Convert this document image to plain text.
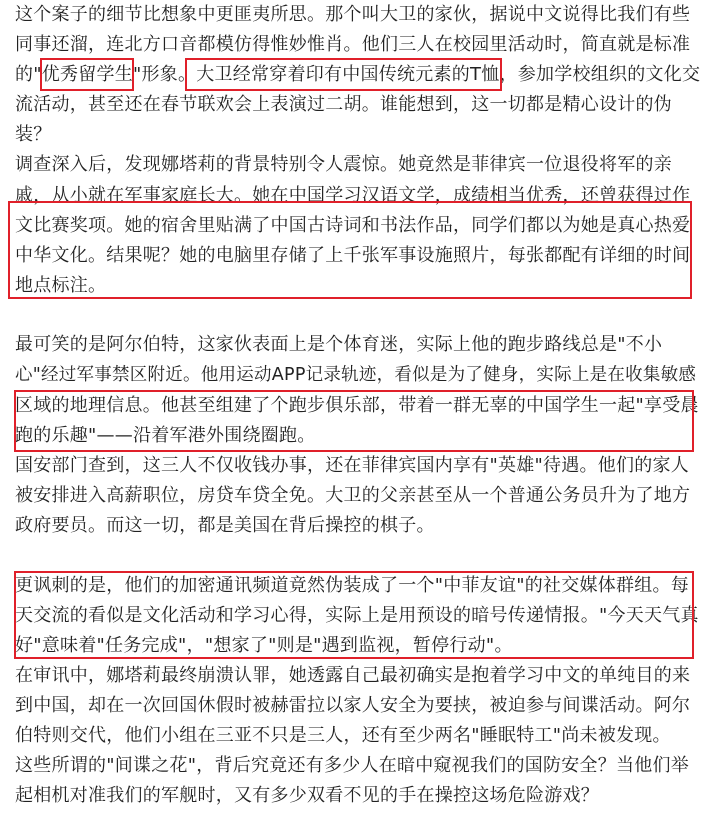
这个案子的细节比想象中更匪夷所思。那个叫大卫的家伙，据说中文说得比我们有些
同事还溜，连北方口音都模仿得惟妙惟肖。他们三人在校园里活动时，简直就是标准
的"优秀留学生"形象。大卫经常穿着印有中国传统元素的T恤，参加学校组织的文化交
流活动，甚至还在春节联欢会上表演过二胡。谁能想到，这一切都是精心设计的伪
装？
调查深入后，发现娜塔莉的背景特别令人震惊。她竟然是菲律宾一位退役将军的亲
戚，从小就在军事家庭长大。她在中国学习汉语文学，成绩相当优秀，还曾获得过作
文比赛奖项。她的宿舍里贴满了中国古诗词和书法作品，同学们都以为她是真心热爱
中华文化。结果呢？她的电脑里存储了上千张军事设施照片，每张都配有详细的时间
地点标注。
最可笑的是阿尔伯特，这家伙表面上是个体育迷，实际上他的跑步路线总是"不小
心"经过军事禁区附近。他用运动APP记录轨迹，看似是为了健身，实际上是在收集敏感
区域的地理信息。他甚至组建了个跑步俱乐部，带着一群无辜的中国学生一起"享受晨
跑的乐趣"——沿着军港外围绕圈跑。
国安部门查到，这三人不仅收钱办事，还在菲律宾国内享有"英雄"待遇。他们的家人
被安排进入高薪职位，房贷车贷全免。大卫的父亲甚至从一个普通公务员升为了地方
政府要员。而这一切，都是美国在背后操控的棋子。
更讽刺的是，他们的加密通讯频道竟然伪装成了一个"中菲友谊"的社交媒体群组。每
天交流的看似是文化活动和学习心得，实际上是用预设的暗号传递情报。"今天天气真
好"意味着"任务完成"，"想家了"则是"遇到监视，暂停行动"。
在审讯中，娜塔莉最终崩溃认罪，她透露自己最初确实是抱着学习中文的单纯目的来
到中国，却在一次回国休假时被赫雷拉以家人安全为要挟，被迫参与间谍活动。阿尔
伯特则交代，他们小组在三亚不只是三人，还有至少两名"睡眠特工"尚未被发现。
这些所谓的"间谍之花"，背后究竟还有多少人在暗中窥视我们的国防安全？当他们举
起相机对准我们的军舰时，又有多少双看不见的手在操控这场危险游戏？
